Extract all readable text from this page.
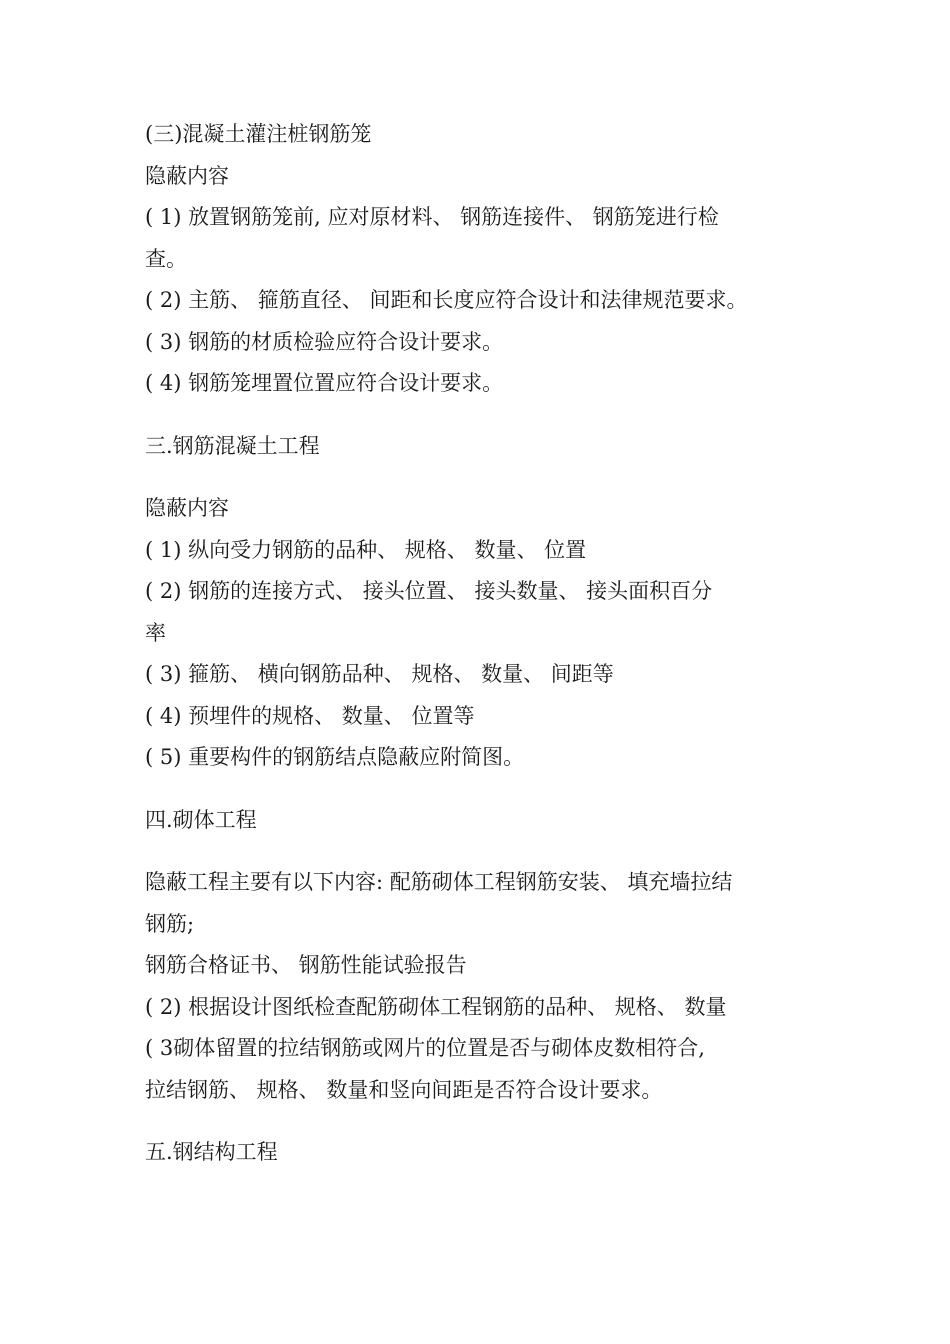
(三)混凝土灌注桩钢筋笼

隐蔽内容

( 1) 放置钢筋笼前, 应对原材料、 钢筋连接件、 钢筋笼进行检

查。

( 2) 主筋、 箍筋直径、 间距和长度应符合设计和法律规范要求。

( 3) 钢筋的材质检验应符合设计要求。

( 4) 钢筋笼埋置位置应符合设计要求。

三.钢筋混凝土工程

隐蔽内容

( 1) 纵向受力钢筋的品种、 规格、 数量、 位置

( 2) 钢筋的连接方式、 接头位置、 接头数量、 接头面积百分

率

( 3) 箍筋、 横向钢筋品种、 规格、 数量、 间距等

( 4) 预埋件的规格、 数量、 位置等

( 5) 重要构件的钢筋结点隐蔽应附简图。

四.砌体工程

隐蔽工程主要有以下内容: 配筋砌体工程钢筋安装、 填充墙拉结

钢筋;

钢筋合格证书、 钢筋性能试验报告

( 2) 根据设计图纸检查配筋砌体工程钢筋的品种、 规格、 数量

( 3砌体留置的拉结钢筋或网片的位置是否与砌体皮数相符合,

拉结钢筋、 规格、 数量和竖向间距是否符合设计要求。

五.钢结构工程
